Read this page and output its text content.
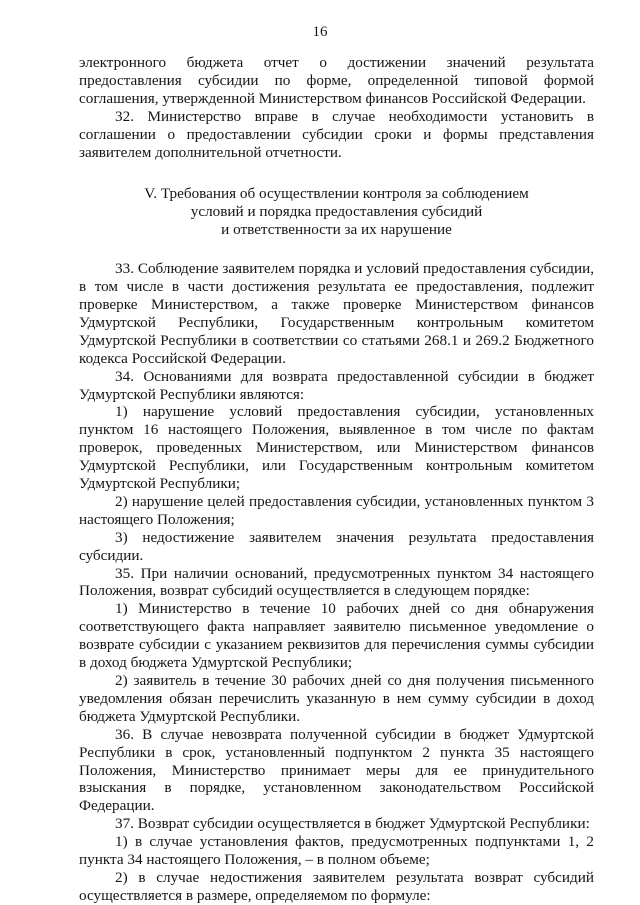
16

электронного бюджета отчет о достижении значений результата предоставления субсидии по форме, определенной типовой формой соглашения, утвержденной Министерством финансов Российской Федерации.

32. Министерство вправе в случае необходимости установить в соглашении о предоставлении субсидии сроки и формы представления заявителем дополнительной отчетности.

V. Требования об осуществлении контроля за соблюдением
условий и порядка предоставления субсидий
и ответственности за их нарушение

33. Соблюдение заявителем порядка и условий предоставления субсидии, в том числе в части достижения результата ее предоставления, подлежит проверке Министерством, а также проверке Министерством финансов Удмуртской Республики, Государственным контрольным комитетом Удмуртской Республики в соответствии со статьями 268.1 и 269.2 Бюджетного кодекса Российской Федерации.

34. Основаниями для возврата предоставленной субсидии в бюджет Удмуртской Республики являются:

1) нарушение условий предоставления субсидии, установленных пунктом 16 настоящего Положения, выявленное в том числе по фактам проверок, проведенных Министерством, или Министерством финансов Удмуртской Республики, или Государственным контрольным комитетом Удмуртской Республики;

2) нарушение целей предоставления субсидии, установленных пунктом 3 настоящего Положения;

3) недостижение заявителем значения результата предоставления субсидии.

35. При наличии оснований, предусмотренных пунктом 34 настоящего Положения, возврат субсидий осуществляется в следующем порядке:

1) Министерство в течение 10 рабочих дней со дня обнаружения соответствующего факта направляет заявителю письменное уведомление о возврате субсидии с указанием реквизитов для перечисления суммы субсидии в доход бюджета Удмуртской Республики;

2) заявитель в течение 30 рабочих дней со дня получения письменного уведомления обязан перечислить указанную в нем сумму субсидии в доход бюджета Удмуртской Республики.

36. В случае невозврата полученной субсидии в бюджет Удмуртской Республики в срок, установленный подпунктом 2 пункта 35 настоящего Положения, Министерство принимает меры для ее принудительного взыскания в порядке, установленном законодательством Российской Федерации.

37. Возврат субсидии осуществляется в бюджет Удмуртской Республики:

1) в случае установления фактов, предусмотренных подпунктами 1, 2 пункта 34 настоящего Положения, – в полном объеме;

2) в случае недостижения заявителем результата возврат субсидий осуществляется в размере, определяемом по формуле:
